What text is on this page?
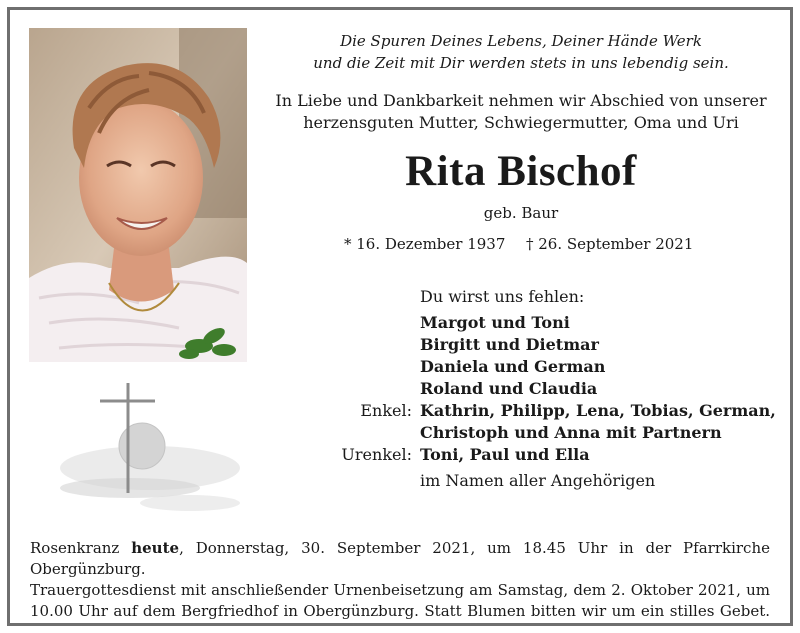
Die Spuren Deines Lebens, Deiner Hände Werk
und die Zeit mit Dir werden stets in uns lebendig sein.
In Liebe und Dankbarkeit nehmen wir Abschied von unserer
herzensguten Mutter, Schwiegermutter, Oma und Uri
Rita Bischof
geb. Baur
* 16. Dezember 1937 † 26. September 2021
Du wirst uns fehlen:
Margot und Toni
Birgitt und Dietmar
Daniela und German
Roland und Claudia
Enkel: Kathrin, Philipp, Lena, Tobias, German,
Christoph und Anna mit Partnern
Urenkel: Toni, Paul und Ella
im Namen aller Angehörigen

Rosenkranz heute, Donnerstag, 30. September 2021, um 18.45 Uhr in der Pfarrkirche Obergünzburg.

Trauergottesdienst mit anschließender Urnenbeisetzung am Samstag, dem 2. Oktober 2021, um

10.00 Uhr auf dem Bergfriedhof in Obergünzburg. Statt Blumen bitten wir um ein stilles Gebet.
